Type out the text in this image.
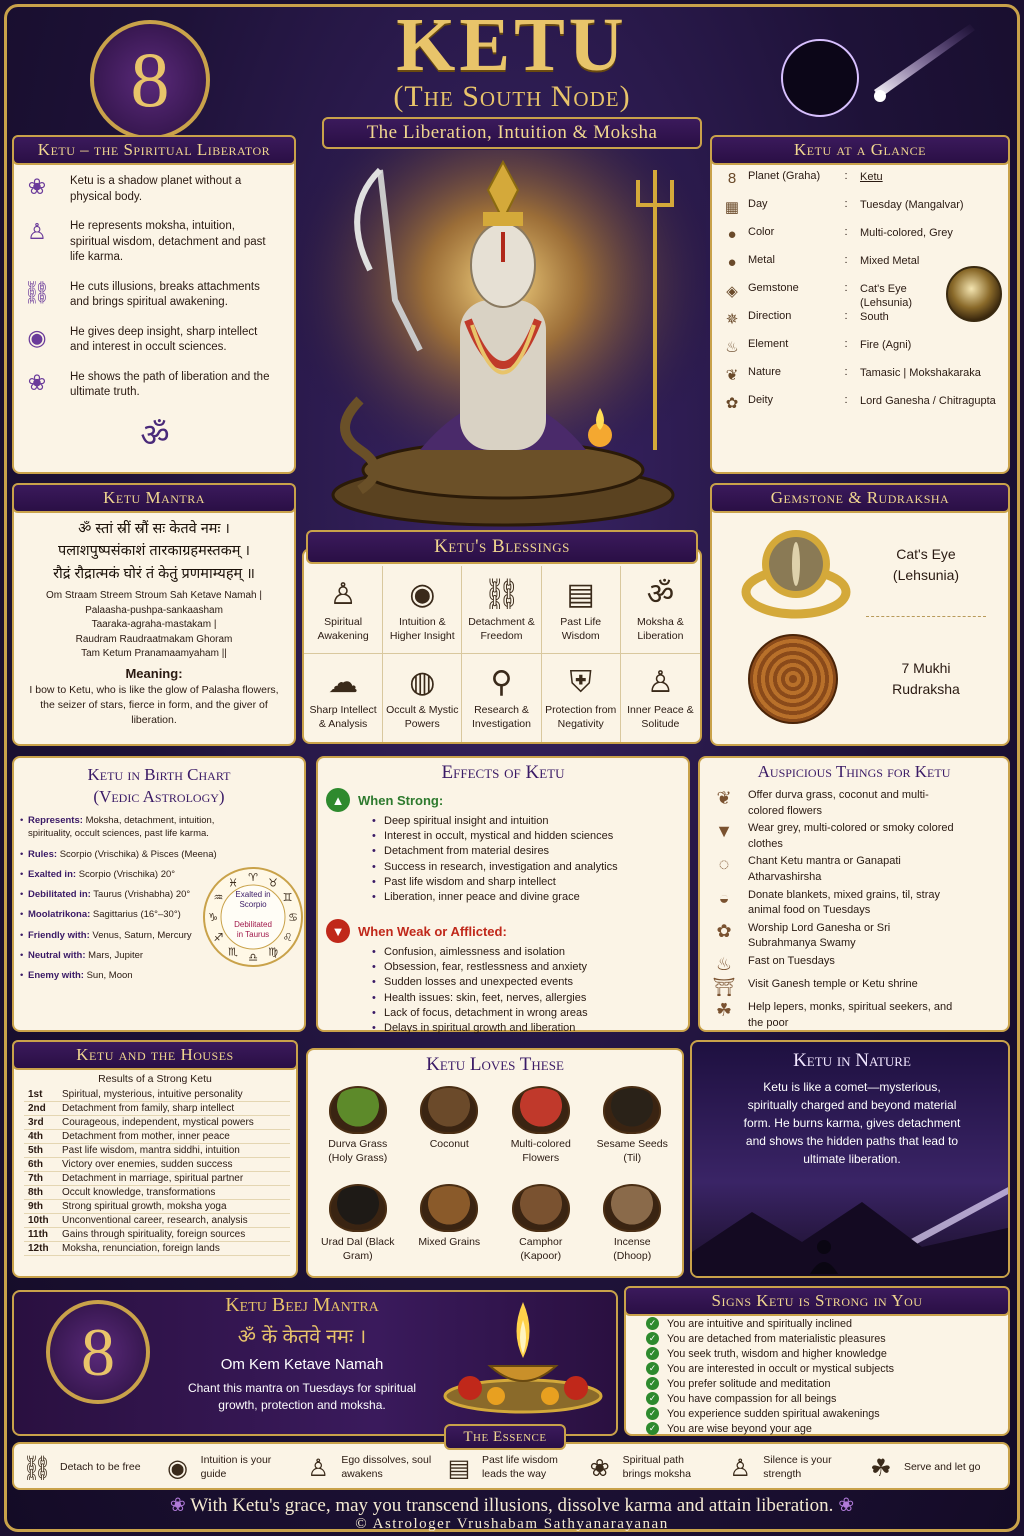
8	KETU
(The South Node)
The Liberation, Intuition & Moksha
Ketu – the Spiritual Liberator
❀	Ketu is a shadow planet without a physical body.
♙	He represents moksha, intuition, spiritual wisdom, detachment and past life karma.
⛓ He cuts illusions, breaks attachments and brings spiritual awakening.
◉	He gives deep insight, sharp intellect and interest in occult sciences.
❀	He shows the path of liberation and the ultimate truth.
ॐ
Ketu at a Glance
8	Planet (Graha)	:	Ketu
▦ Day	:	Tuesday (Mangalvar)
●	Color	:	Multi-colored, Grey
●	Metal	:	Mixed Metal
◈ Gemstone	:	Cat's Eye (Lehsunia)
✵ Direction	:	South
♨ Element	:	Fire (Agni)
❦ Nature	:	Tamasic | Mokshakaraka
✿ Deity	:	Lord Ganesha / Chitragupta
Ketu Mantra
ॐ स्तां स्रीं स्रौं सः केतवे नमः ।
पलाशपुष्पसंकाशं तारकाग्रहमस्तकम् ।
रौद्रं रौद्रात्मकं घोरं तं केतुं प्रणमाम्यहम् ॥
Om Straam Streem Stroum Sah Ketave Namah |
Palaasha-pushpa-sankaasham
Taaraka-agraha-mastakam |
Raudram Raudraatmakam Ghoram
Tam Ketum Pranamaamyaham ||
Meaning:
I bow to Ketu, who is like the glow of Palasha flowers, the seizer of stars, fierce in form, and the giver of liberation.
Ketu's Blessings
♙
Spiritual Awakening
◉
Intuition & Higher Insight
⛓
Detachment & Freedom
▤
Past Life Wisdom
ॐ
Moksha & Liberation
☁
Sharp Intellect & Analysis
◍
Occult & Mystic Powers
⚲
Research & Investigation
⛨
Protection from Negativity
♙
Inner Peace & Solitude
Gemstone & Rudraksha
Cat's Eye (Lehsunia)
7 Mukhi Rudraksha
Ketu in Birth Chart
(Vedic Astrology)
• Represents: Moksha, detachment, intuition, spirituality, occult sciences, past life karma.
• Rules: Scorpio (Vrischika) & Pisces (Meena)
• Exalted in: Scorpio (Vrischika) 20°
• Debilitated in: Taurus (Vrishabha) 20°
• Moolatrikona: Sagittarius (16°–30°)
• Friendly with: Venus, Saturn, Mercury
• Neutral with: Mars, Jupiter
• Enemy with: Sun, Moon
♈ ♉
♊
♋
♌
♍
♎
♏
♐
♑
♒
♓
Exalted in Scorpio
Debilitated in Taurus
Effects of Ketu
▲	When Strong:
• Deep spiritual insight and intuition
• Interest in occult, mystical and hidden sciences
• Detachment from material desires
• Success in research, investigation and analytics
• Past life wisdom and sharp intellect
• Liberation, inner peace and divine grace
▼	When Weak or Afflicted:
• Confusion, aimlessness and isolation
• Obsession, fear, restlessness and anxiety
• Sudden losses and unexpected events
• Health issues: skin, feet, nerves, allergies
• Lack of focus, detachment in wrong areas
• Delays in spiritual growth and liberation
Auspicious Things for Ketu
❦	Offer durva grass, coconut and multi-colored flowers
▼	Wear grey, multi-colored or smoky colored clothes
◌	Chant Ketu mantra or Ganapati Atharvashirsha
◒	Donate blankets, mixed grains, til, stray animal food on Tuesdays
✿	Worship Lord Ganesha or Sri Subrahmanya Swamy
♨	Fast on Tuesdays
⛩	Visit Ganesh temple or Ketu shrine
☘	Help lepers, monks, spiritual seekers, and the poor
Ketu and the Houses
Results of a Strong Ketu
1st	Spiritual, mysterious, intuitive personality
2nd	Detachment from family, sharp intellect
3rd	Courageous, independent, mystical powers
4th	Detachment from mother, inner peace
5th	Past life wisdom, mantra siddhi, intuition
6th	Victory over enemies, sudden success
7th	Detachment in marriage, spiritual partner
8th	Occult knowledge, transformations
9th	Strong spiritual growth, moksha yoga
10th	Unconventional career, research, analysis
11th	Gains through spirituality, foreign sources
12th	Moksha, renunciation, foreign lands
Ketu Loves These
Durva Grass (Holy Grass)
Coconut	Multi-colored Flowers
Sesame Seeds (Til)
Urad Dal (Black Gram)
Mixed Grains	Camphor (Kapoor)
Incense (Dhoop)
Ketu in Nature
Ketu is like a comet—mysterious, spiritually charged and beyond material form. He burns karma, gives detachment and shows the hidden paths that lead to ultimate liberation.
8
Ketu Beej Mantra
ॐ कें केतवे नमः ।
Om Kem Ketave Namah
Chant this mantra on Tuesdays for spiritual growth, protection and moksha.
Signs Ketu is Strong in You
✓ You are intuitive and spiritually inclined
✓ You are detached from materialistic pleasures
✓ You seek truth, wisdom and higher knowledge
✓ You are interested in occult or mystical subjects
✓ You prefer solitude and meditation
✓ You have compassion for all beings
✓ You experience sudden spiritual awakenings
✓ You are wise beyond your age
The Essence
⛓ Detach to be free	◉	Intuition is your guide	♙	Ego dissolves, soul awakens	▤	Past life wisdom leads the way	❀	Spiritual path brings moksha	♙	Silence is your strength	☘	Serve and let go
❀ With Ketu's grace, may you transcend illusions, dissolve karma and attain liberation. ❀
© Astrologer Vrushabam Sathyanarayanan
